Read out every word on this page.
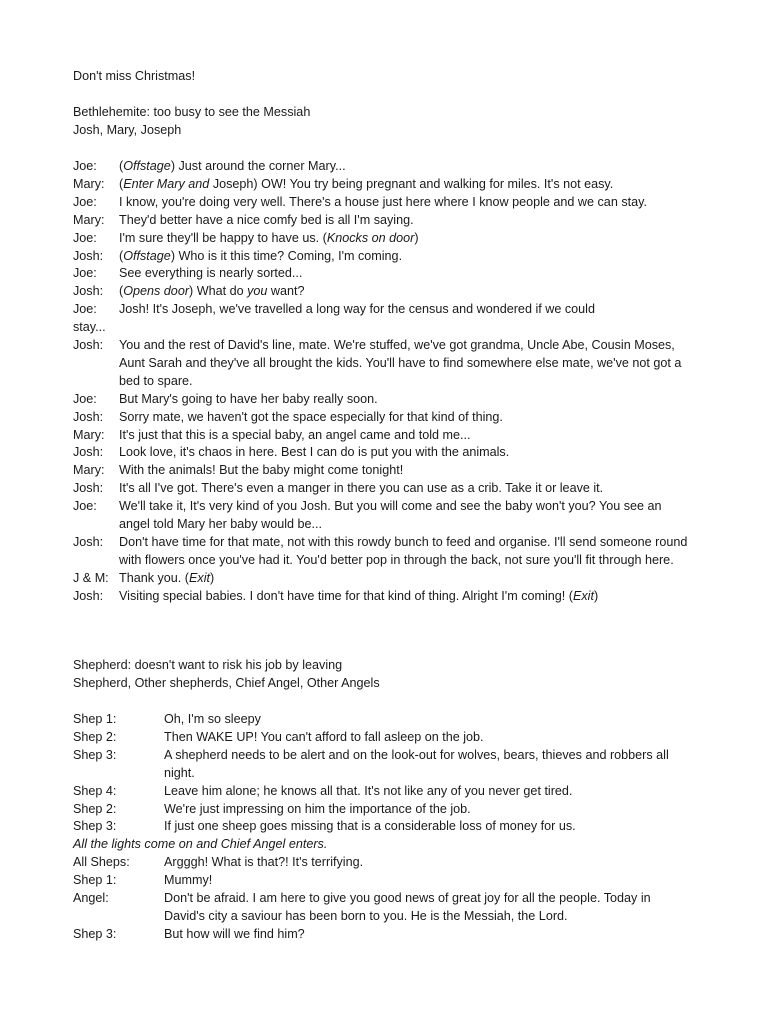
Don't miss Christmas!
Bethlehemite: too busy to see the Messiah
Josh, Mary, Joseph
Joe:	(Offstage) Just around the corner Mary...
Mary:	(Enter Mary and Joseph) OW! You try being pregnant and walking for miles. It's not easy.
Joe:	I know, you're doing very well. There's a house just here where I know people and we can stay.
Mary:	They'd better have a nice comfy bed is all I'm saying.
Joe:	I'm sure they'll be happy to have us. (Knocks on door)
Josh:	(Offstage) Who is it this time? Coming, I'm coming.
Joe:	See everything is nearly sorted...
Josh:	(Opens door) What do you want?
Joe:	Josh! It's Joseph, we've travelled a long way for the census and wondered if we could
stay...
Josh:	You and the rest of David's line, mate. We're stuffed, we've got grandma, Uncle Abe, Cousin Moses, Aunt Sarah and they've all brought the kids. You'll have to find somewhere else mate, we've not got a bed to spare.
Joe:	But Mary's going to have her baby really soon.
Josh:	Sorry mate, we haven't got the space especially for that kind of thing.
Mary:	It's just that this is a special baby, an angel came and told me...
Josh:	Look love, it's chaos in here. Best I can do is put you with the animals.
Mary:	With the animals! But the baby might come tonight!
Josh:	It's all I've got. There's even a manger in there you can use as a crib. Take it or leave it.
Joe:	We'll take it, It's very kind of you Josh. But you will come and see the baby won't you? You see an angel told Mary her baby would be...
Josh:	Don't have time for that mate, not with this rowdy bunch to feed and organise. I'll send someone round with flowers once you've had it. You'd better pop in through the back, not sure you'll fit through here.
J & M: Thank you. (Exit)
Josh:	Visiting special babies. I don't have time for that kind of thing. Alright I'm coming! (Exit)
Shepherd: doesn't want to risk his job by leaving
Shepherd, Other shepherds, Chief Angel, Other Angels
Shep 1:	Oh, I'm so sleepy
Shep 2:	Then WAKE UP! You can't afford to fall asleep on the job.
Shep 3:	A shepherd needs to be alert and on the look-out for wolves, bears, thieves and robbers all night.
Shep 4:	Leave him alone; he knows all that. It's not like any of you never get tired.
Shep 2:	We're just impressing on him the importance of the job.
Shep 3:	If just one sheep goes missing that is a considerable loss of money for us.
All the lights come on and Chief Angel enters.
All Sheps:	Argggh! What is that?! It's terrifying.
Shep 1:	Mummy!
Angel:	Don't be afraid. I am here to give you good news of great joy for all the people. Today in David's city a saviour has been born to you. He is the Messiah, the Lord.
Shep 3:	But how will we find him?
